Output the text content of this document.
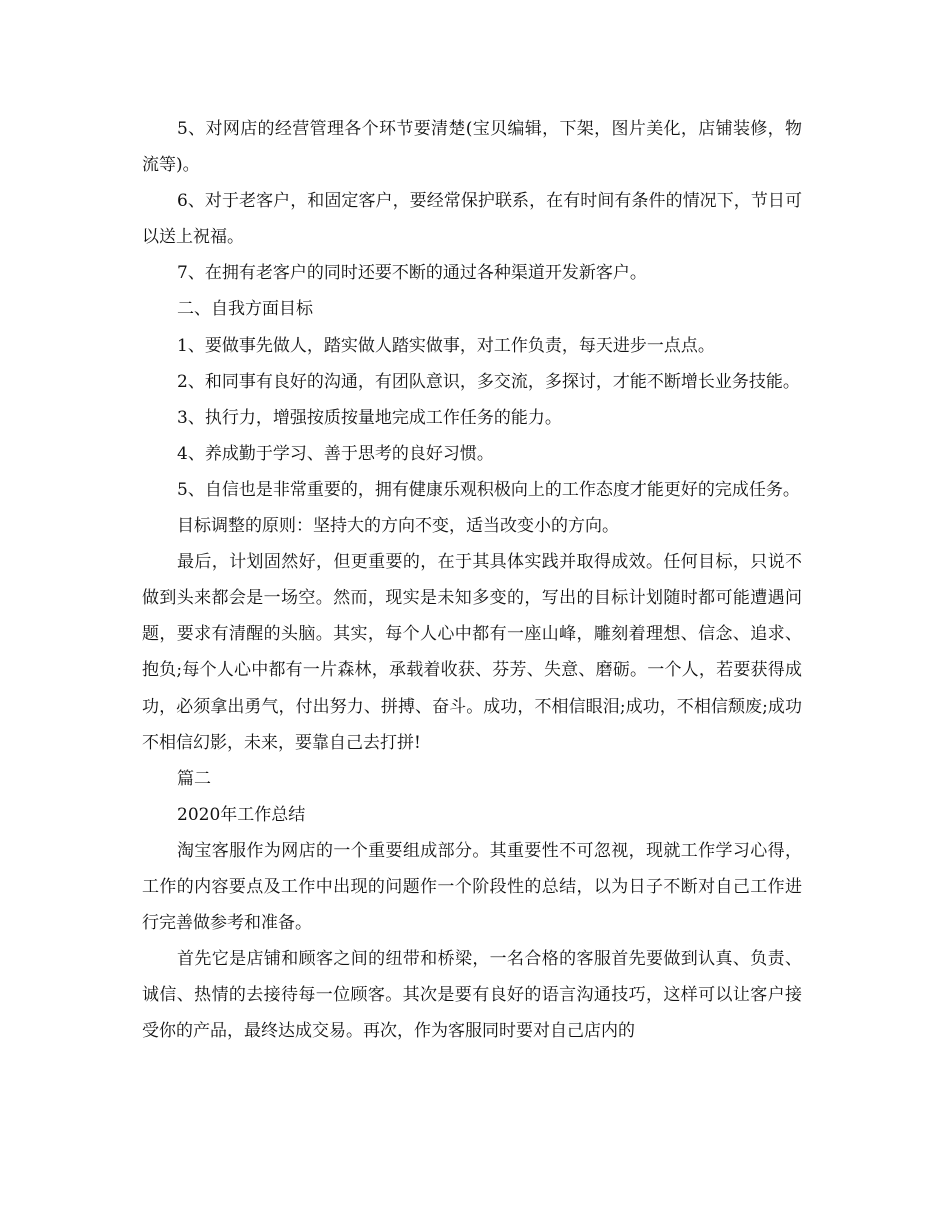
5、对网店的经营管理各个环节要清楚(宝贝编辑，下架，图片美化，店铺装修，物流等)。

6、对于老客户，和固定客户，要经常保护联系，在有时间有条件的情况下，节日可以送上祝福。

7、在拥有老客户的同时还要不断的通过各种渠道开发新客户。

二、自我方面目标

1、要做事先做人，踏实做人踏实做事，对工作负责，每天进步一点点。

2、和同事有良好的沟通，有团队意识，多交流，多探讨，才能不断增长业务技能。

3、执行力，增强按质按量地完成工作任务的能力。

4、养成勤于学习、善于思考的良好习惯。

5、自信也是非常重要的，拥有健康乐观积极向上的工作态度才能更好的完成任务。

目标调整的原则：坚持大的方向不变，适当改变小的方向。

最后，计划固然好，但更重要的，在于其具体实践并取得成效。任何目标，只说不做到头来都会是一场空。然而，现实是未知多变的，写出的目标计划随时都可能遭遇问题，要求有清醒的头脑。其实，每个人心中都有一座山峰，雕刻着理想、信念、追求、抱负;每个人心中都有一片森林，承载着收获、芬芳、失意、磨砺。一个人，若要获得成功，必须拿出勇气，付出努力、拼搏、奋斗。成功，不相信眼泪;成功，不相信颓废;成功不相信幻影，未来，要靠自己去打拼!

篇二

2020年工作总结

淘宝客服作为网店的一个重要组成部分。其重要性不可忽视，现就工作学习心得，工作的内容要点及工作中出现的问题作一个阶段性的总结，以为日子不断对自己工作进行完善做参考和准备。

首先它是店铺和顾客之间的纽带和桥梁，一名合格的客服首先要做到认真、负责、诚信、热情的去接待每一位顾客。其次是要有良好的语言沟通技巧，这样可以让客户接受你的产品，最终达成交易。再次，作为客服同时要对自己店内的
